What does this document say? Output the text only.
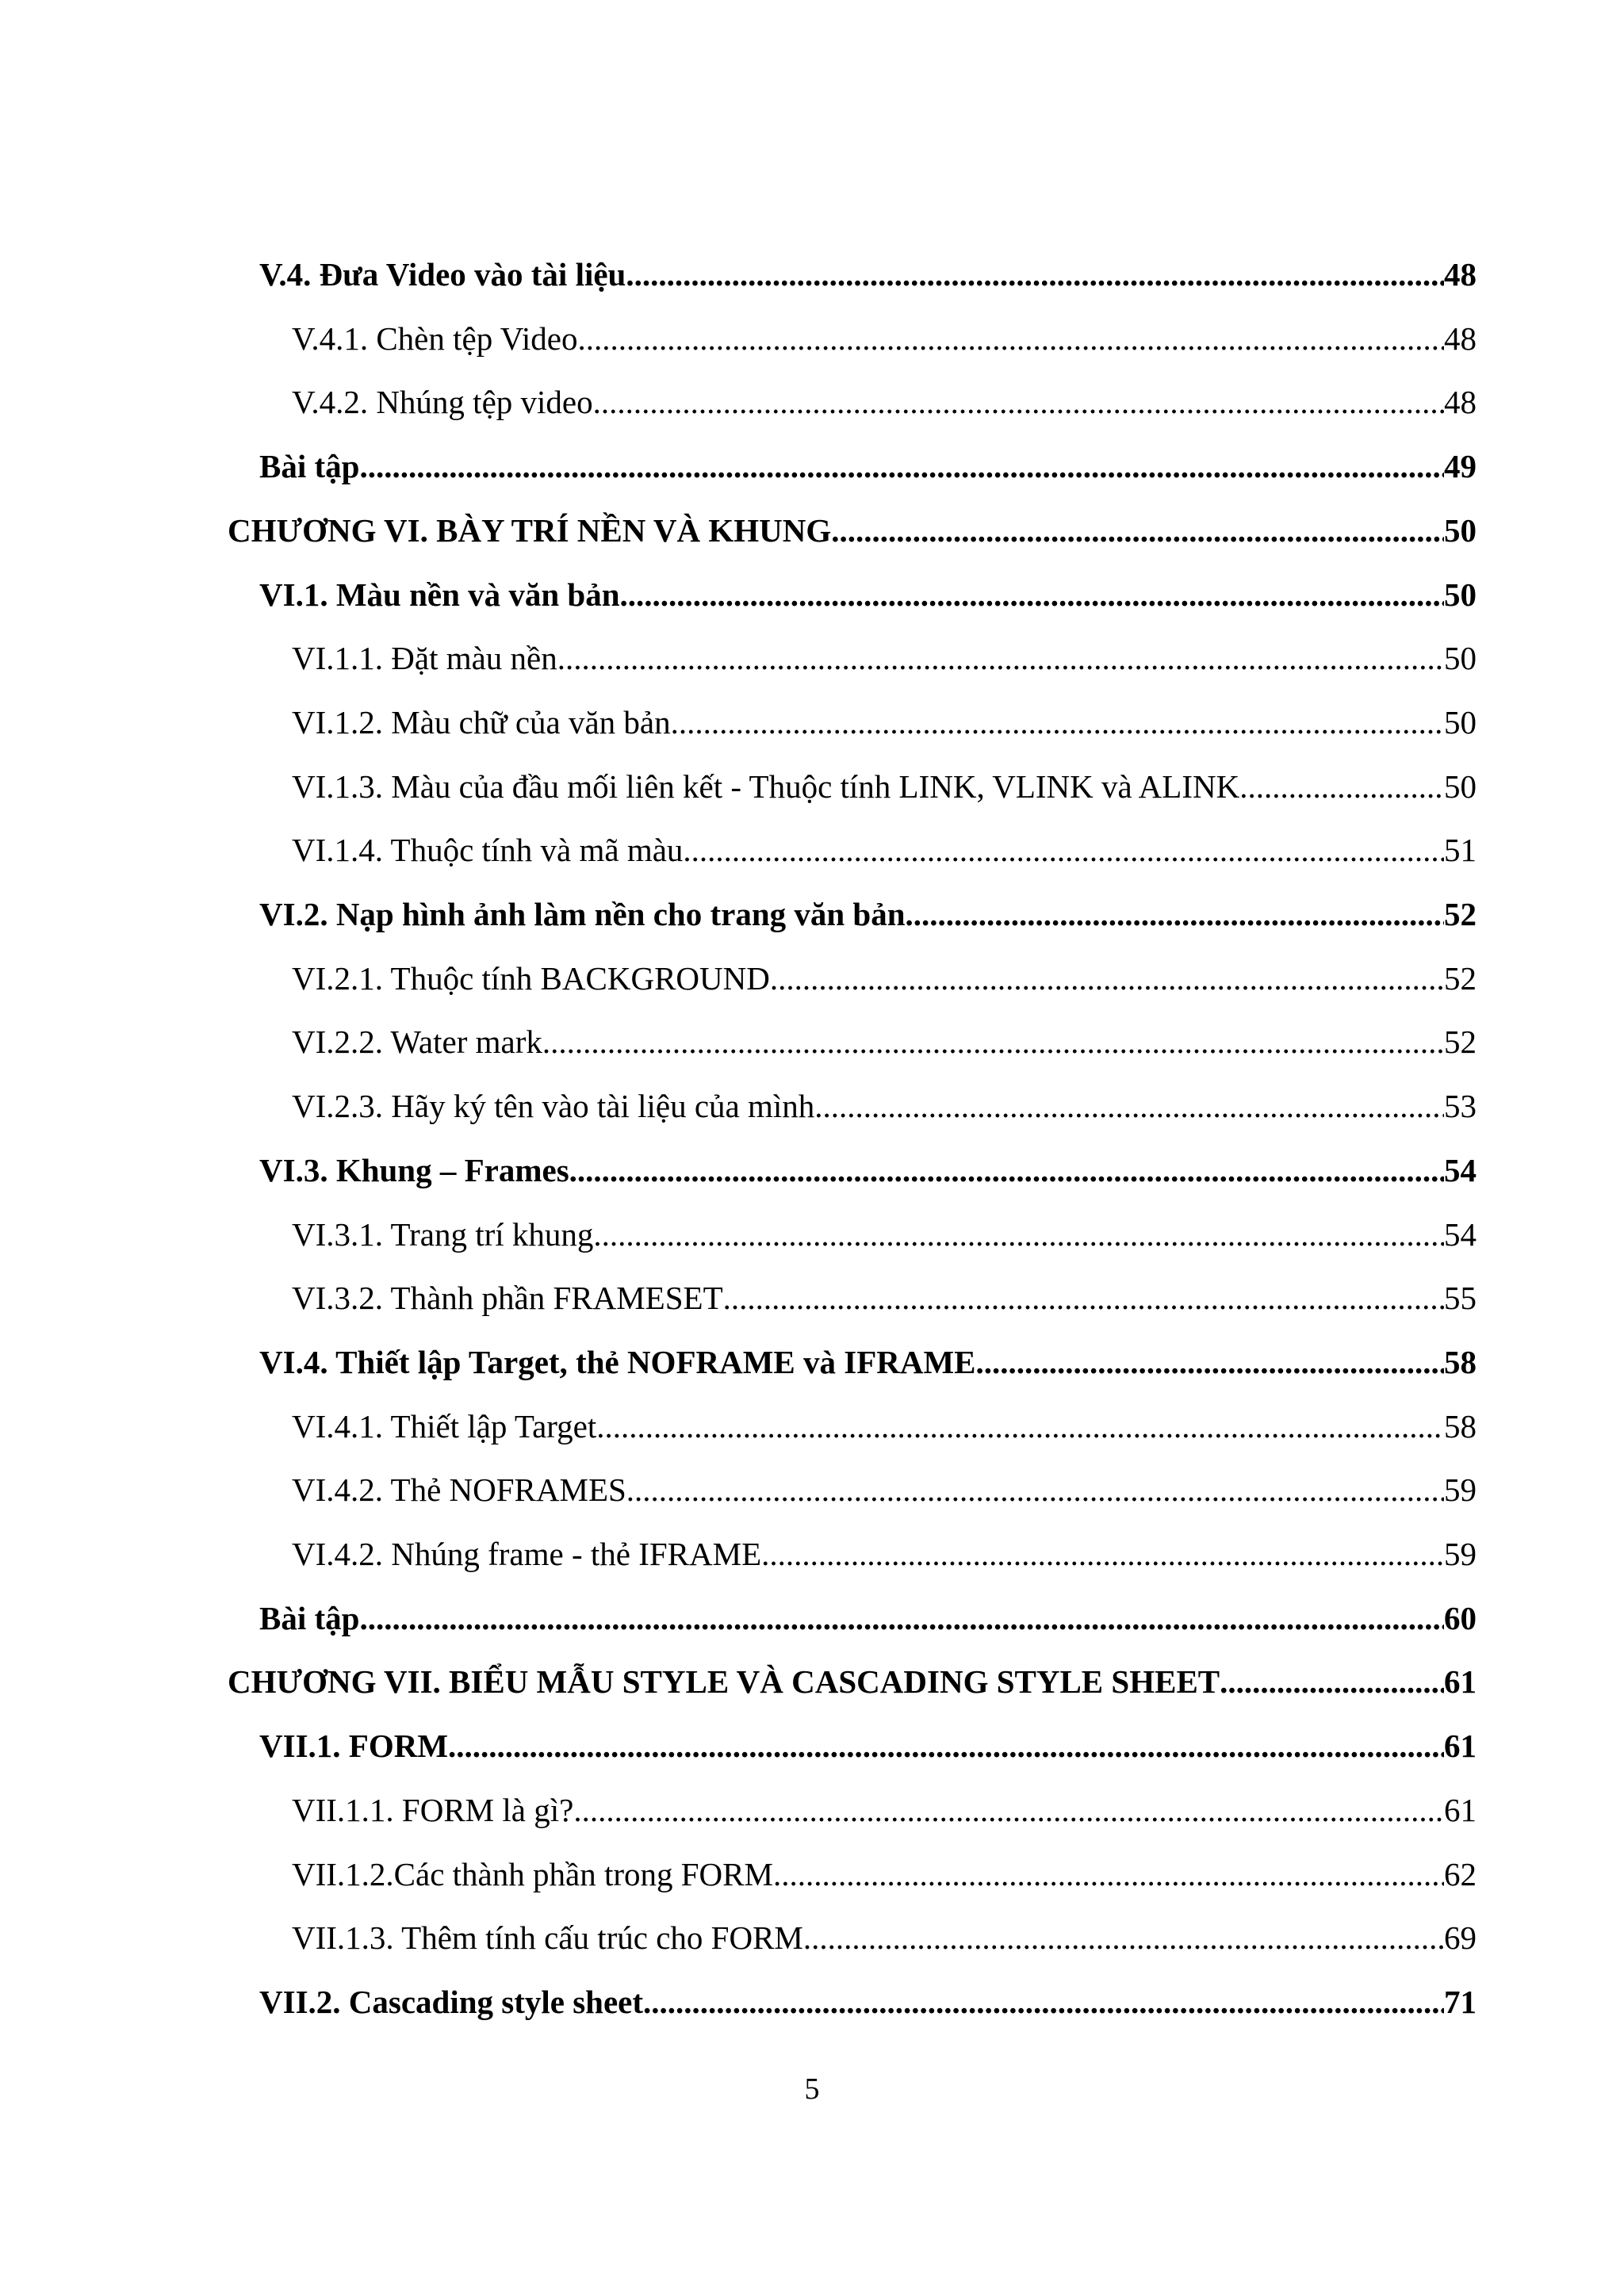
V.4. Đưa Video vào tài liệu .....	48
V.4.1. Chèn tệp Video .....	48
V.4.2. Nhúng tệp video .....	48
Bài tập .....	49
CHƯƠNG VI. BÀY TRÍ NỀN VÀ KHUNG .....	50
VI.1. Màu nền và văn bản .....	50
VI.1.1. Đặt màu nền .....	50
VI.1.2. Màu chữ của văn bản .....	50
VI.1.3. Màu của đầu mối liên kết - Thuộc tính LINK, VLINK và ALINK .....	50
VI.1.4. Thuộc tính và mã màu .....	51
VI.2. Nạp hình ảnh làm nền cho trang văn bản .....	52
VI.2.1. Thuộc tính BACKGROUND .....	52
VI.2.2. Water mark .....	52
VI.2.3. Hãy ký tên vào tài liệu của mình .....	53
VI.3. Khung – Frames .....	54
VI.3.1. Trang trí khung .....	54
VI.3.2. Thành phần FRAMESET .....	55
VI.4. Thiết lập Target, thẻ NOFRAME và IFRAME .....	58
VI.4.1. Thiết lập Target .....	58
VI.4.2. Thẻ NOFRAMES .....	59
VI.4.2. Nhúng frame - thẻ IFRAME .....	59
Bài tập .....	60
CHƯƠNG VII. BIỂU MẪU STYLE VÀ CASCADING STYLE SHEET .....	61
VII.1. FORM .....	61
VII.1.1. FORM là gì? .....	61
VII.1.2.Các thành phần trong FORM .....	62
VII.1.3. Thêm tính cấu trúc cho FORM .....	69
VII.2. Cascading style sheet .....	71
5
